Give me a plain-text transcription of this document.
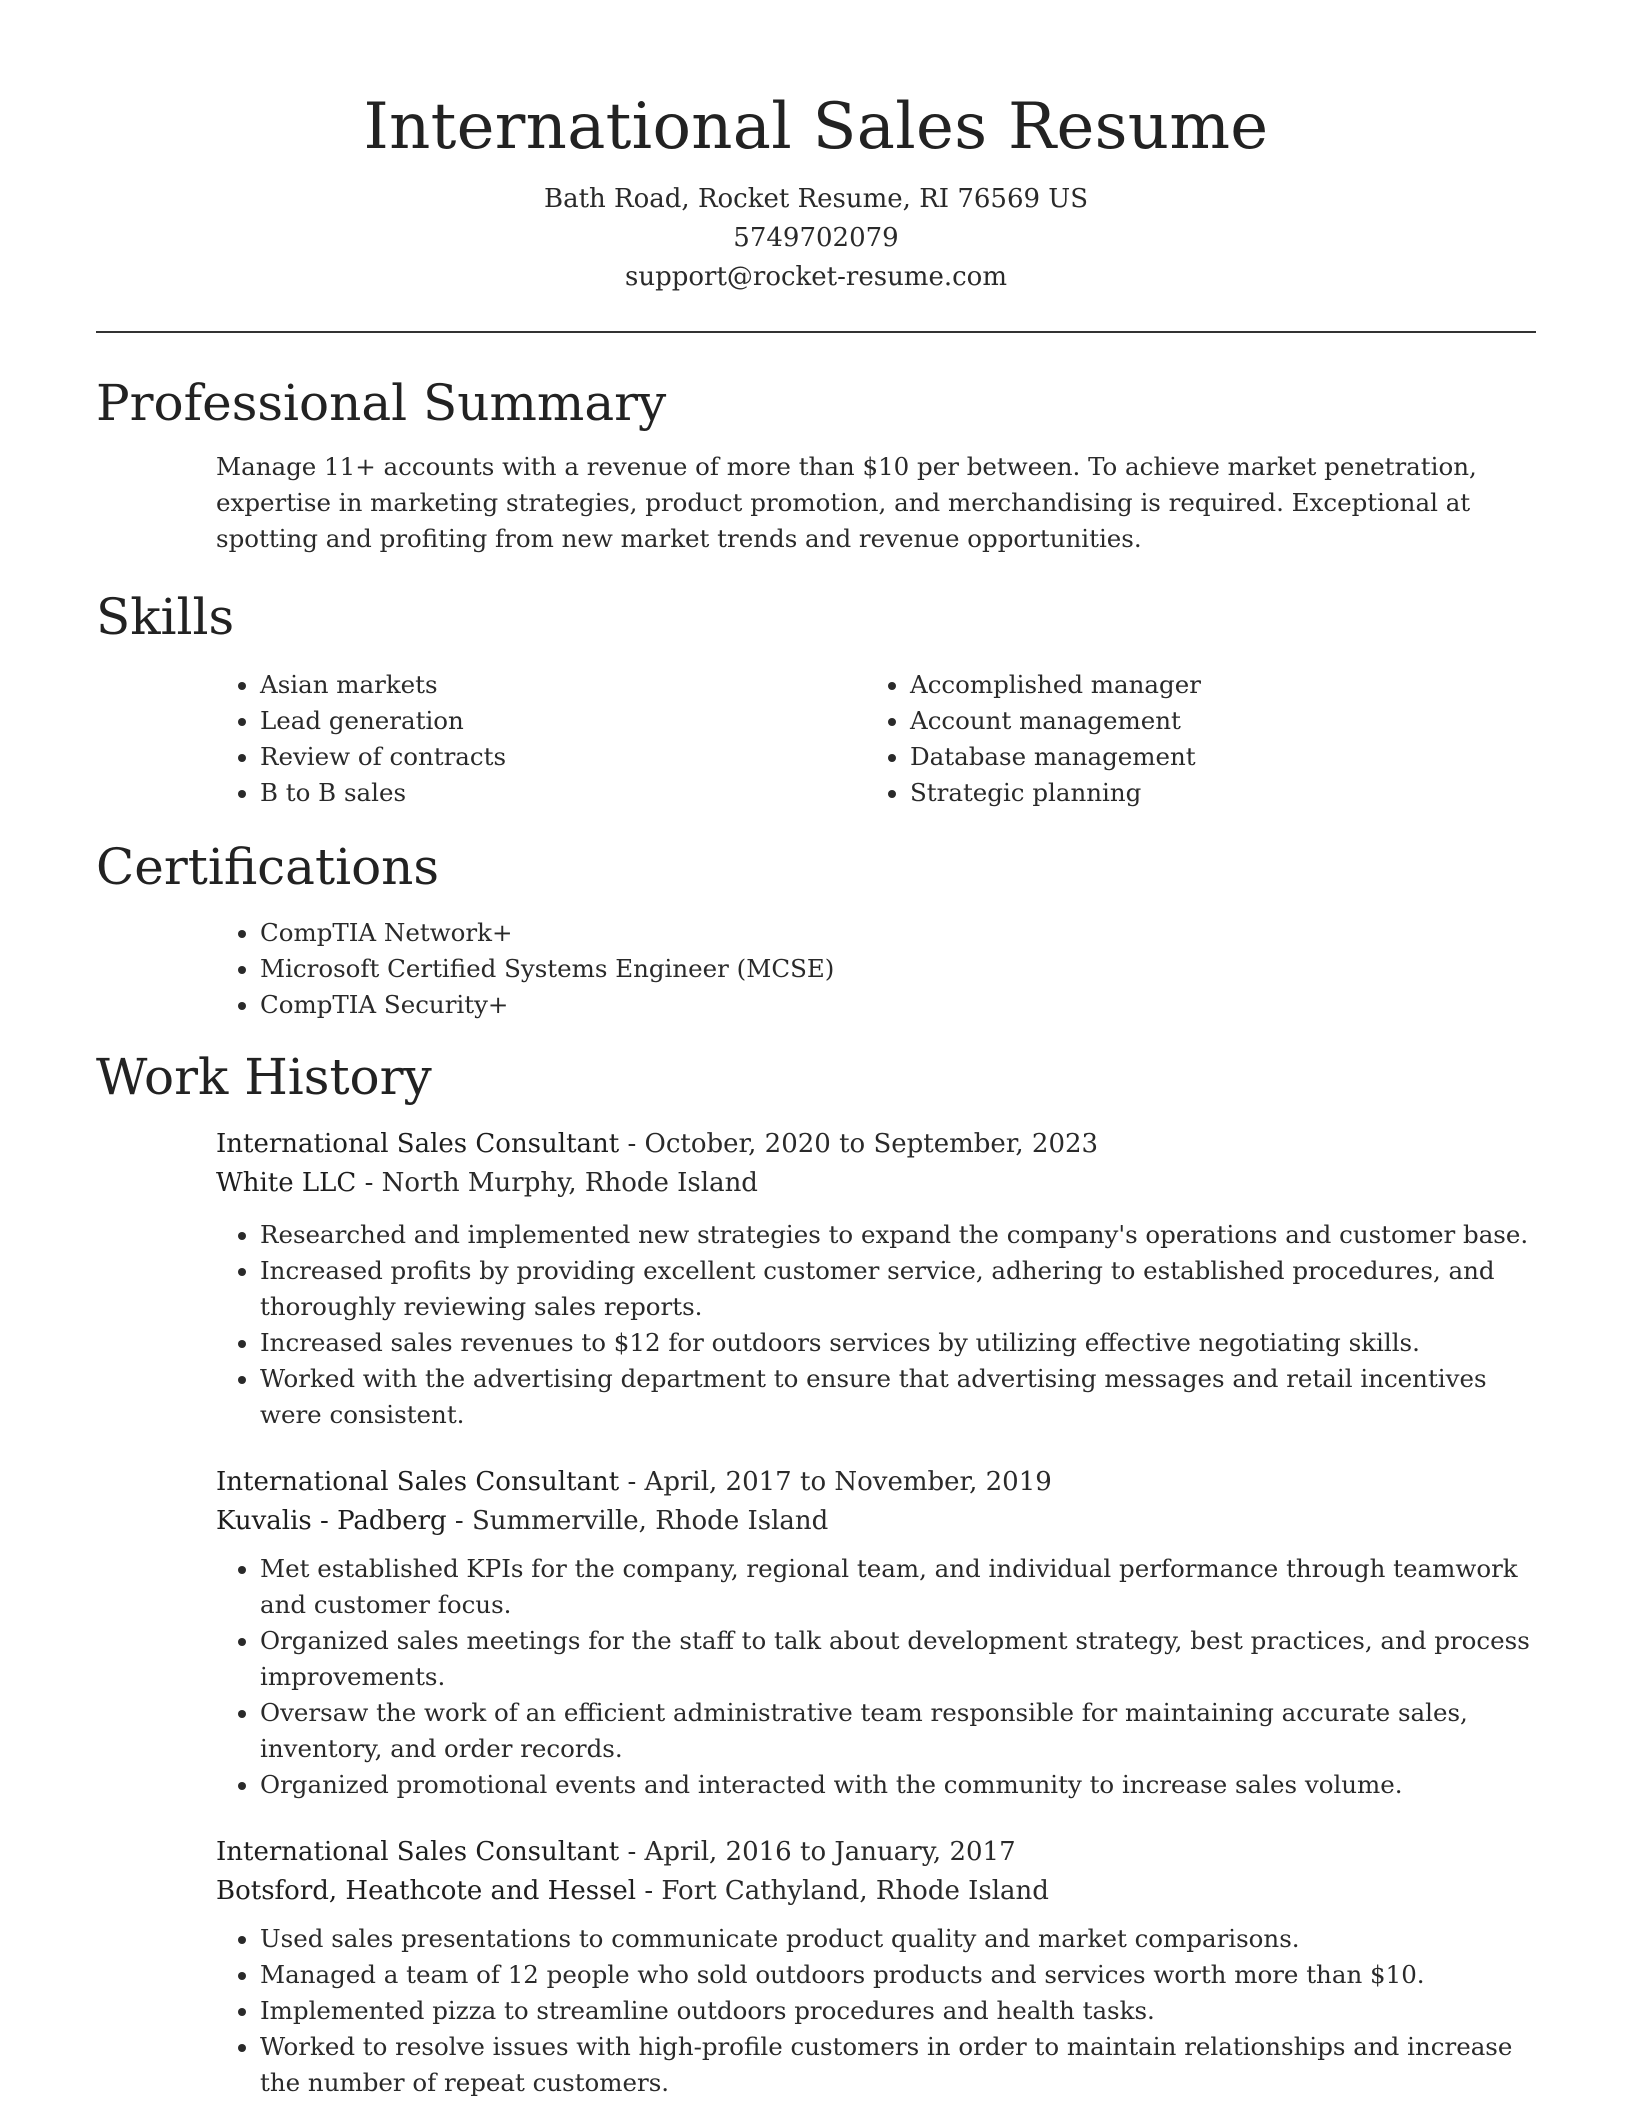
International Sales Resume
Bath Road, Rocket Resume, RI 76569 US
5749702079
support@rocket-resume.com
Professional Summary
Manage 11+ accounts with a revenue of more than $10 per between. To achieve market penetration, expertise in marketing strategies, product promotion, and merchandising is required. Exceptional at spotting and profiting from new market trends and revenue opportunities.
Skills
• Asian markets
• Lead generation
• Review of contracts
• B to B sales
• Accomplished manager
• Account management
• Database management
• Strategic planning
Certifications
• CompTIA Network+
• Microsoft Certified Systems Engineer (MCSE)
• CompTIA Security+
Work History
International Sales Consultant - October, 2020 to September, 2023
White LLC - North Murphy, Rhode Island
• Researched and implemented new strategies to expand the company's operations and customer base.
• Increased profits by providing excellent customer service, adhering to established procedures, and thoroughly reviewing sales reports.
• Increased sales revenues to $12 for outdoors services by utilizing effective negotiating skills.
• Worked with the advertising department to ensure that advertising messages and retail incentives were consistent.
International Sales Consultant - April, 2017 to November, 2019
Kuvalis - Padberg - Summerville, Rhode Island
• Met established KPIs for the company, regional team, and individual performance through teamwork and customer focus.
• Organized sales meetings for the staff to talk about development strategy, best practices, and process improvements.
• Oversaw the work of an efficient administrative team responsible for maintaining accurate sales, inventory, and order records.
• Organized promotional events and interacted with the community to increase sales volume.
International Sales Consultant - April, 2016 to January, 2017
Botsford, Heathcote and Hessel - Fort Cathyland, Rhode Island
• Used sales presentations to communicate product quality and market comparisons.
• Managed a team of 12 people who sold outdoors products and services worth more than $10.
• Implemented pizza to streamline outdoors procedures and health tasks.
• Worked to resolve issues with high-profile customers in order to maintain relationships and increase the number of repeat customers.
